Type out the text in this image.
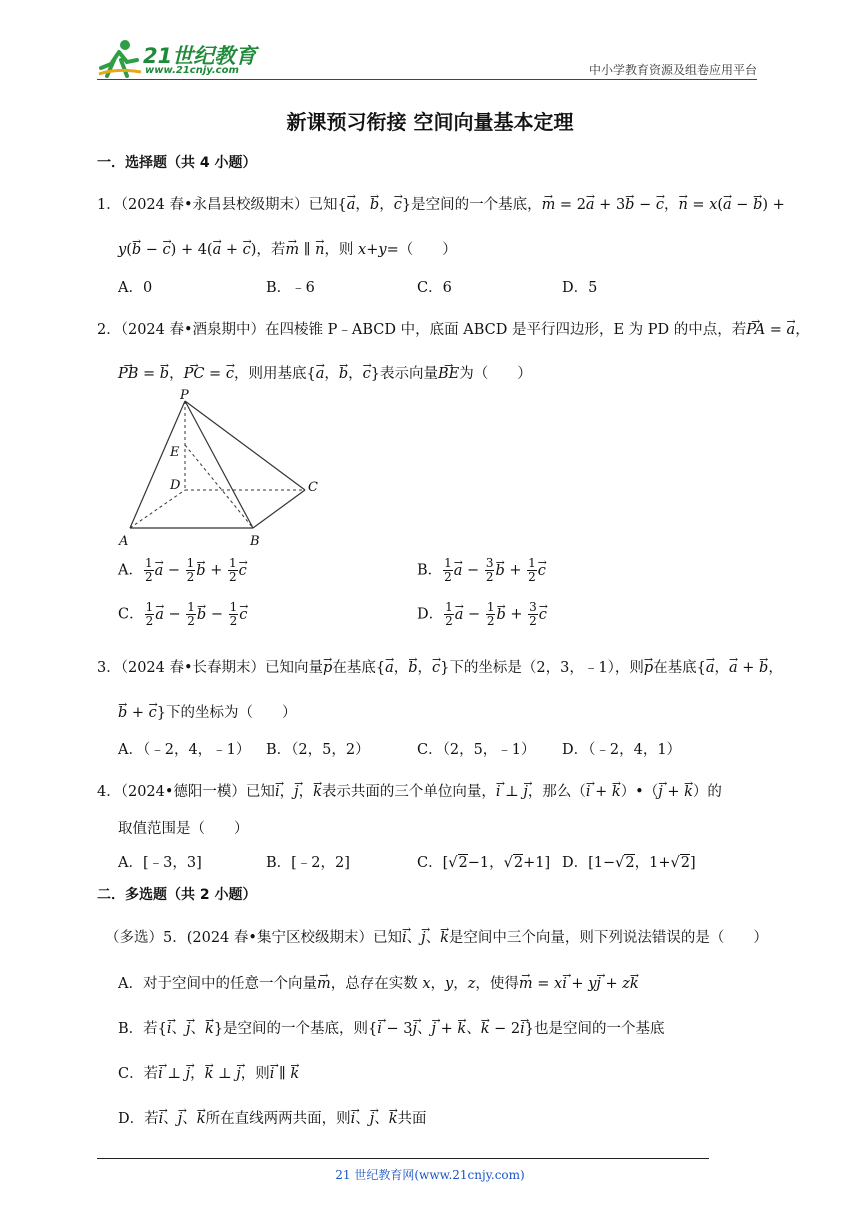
21世纪教育
www.21cnjy.com	中小学教育资源及组卷应用平台
新课预习衔接 空间向量基本定理
一．选择题（共 4 小题）
1．（2024 春•永昌县校级期末）已知{→ a，→ b，→ c}是空间的一个基底，→ m = 2→ a + 3→ b − → c，→ n = x(→ a − → b) +
y(→ b − → c) + 4(→ a + → c)，若→ m ∥ → n，则 x+y=（　　）
A．0	B．﹣6	C．6	D．5
2．（2024 春•酒泉期中）在四棱锥 P﹣ABCD 中，底面 ABCD 是平行四边形，E 为 PD 的中点，若→ PA = → a，
→ PB = → b，→ PC = → c，则用基底{→ a，→ b，→ c}表示向量→ BE为（　　）
P
E
D	C
A	B
A． $\frac{1}{2}$
→ $a - \frac{1}{2}$
→ $b + \frac{1}{2}$
→ c	B． $\frac{1}{2}$
→ $a - \frac{3}{2}$
→ $b + \frac{1}{2}$
→ c
C． $\frac{1}{2}$
→ $a - \frac{1}{2}$
→ $b - \frac{1}{2}$
→ c	D． $\frac{1}{2}$
→ $a - \frac{1}{2}$
→ $b + \frac{3}{2}$
→ c
3．（2024 春•长春期末）已知向量→ p在基底{→ a，→ b，→ c}下的坐标是（2，3，﹣1），则→ p在基底{→ a，→ a + → b，
→ b + → c}下的坐标为（　　）
A．（﹣2，4，﹣1） B．（2，5，2）	C．（2，5，﹣1） D．（﹣2，4，1）
4．（2024•德阳一模）已知→ i，→ j，→ k表示共面的三个单位向量，→ i ⊥ → j，那么（→ i + → k）•（→ j + → k）的
取值范围是（　　）
A．[﹣3，3]	B．[﹣2，2]	C．[√2−1，√2+1] D．[1−√2，1+√2]
二．多选题（共 2 小题）
（多选）5．(2024 春•集宁区校级期末）已知→ i、→ j、→ k是空间中三个向量，则下列说法错误的是（　　）
A．对于空间中的任意一个向量→ m，总存在实数 x，y，z，使得→ m = x→ i + y→ j + z→ k
B．若{→ i、→ j、→ k}是空间的一个基底，则{→ i − 3→ j、→ j + → k、→ k − 2→ i}也是空间的一个基底
C．若→ i ⊥ → j，→ k ⊥ → j，则→ i ∥ → k
D．若→ i、→ j、→ k所在直线两两共面，则→ i、→ j、→ k共面
21 世纪教育网(www.21cnjy.com)
